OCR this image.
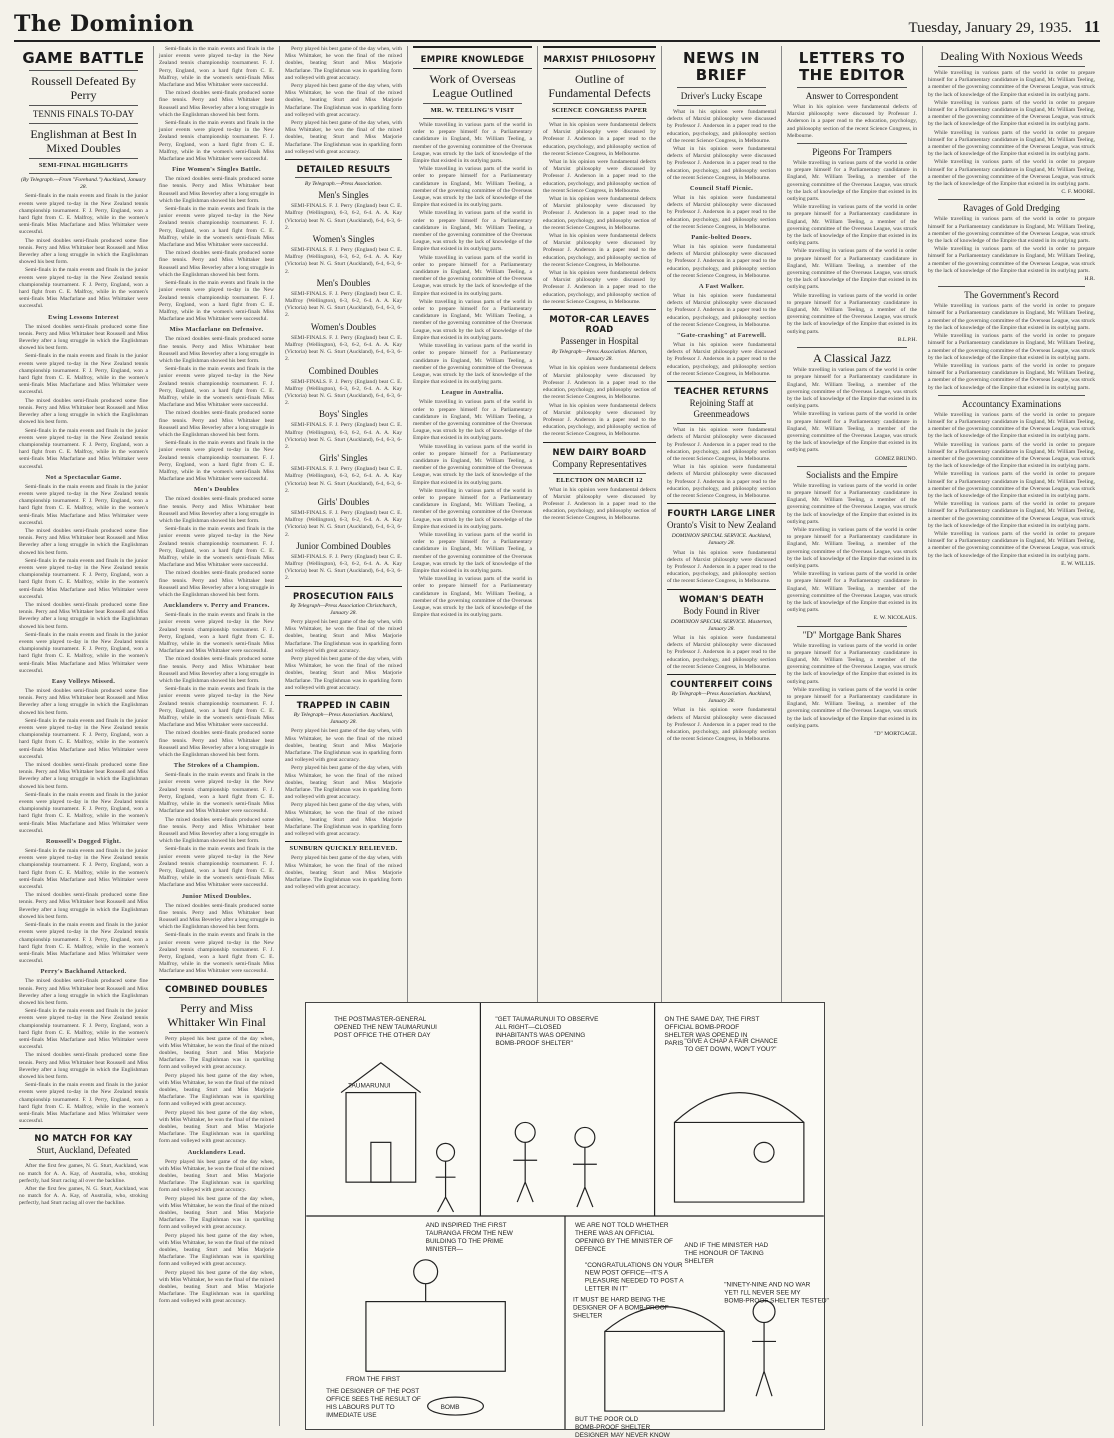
The Dominion	Tuesday, January 29, 1935. 11
GAME BATTLE
Roussell Defeated By Perry
TENNIS FINALS TO-DAY
Englishman at Best In Mixed Doubles
SEMI-FINAL HIGHLIGHTS
(By Telegraph.—From "Forehand.") Auckland, January 28.

Semi-finals in the main events and finals in the junior events were played to-day in the New Zealand tennis championship tournament. F. J. Perry, England, won a hard fight from C. E. Malfroy, while in the women's semi-finals Miss Macfarlane and Miss Whittaker were successful.

The mixed doubles semi-finals produced some fine tennis. Perry and Miss Whittaker beat Roussell and Miss Beverley after a long struggle in which the Englishman showed his best form.

Semi-finals in the main events and finals in the junior events were played to-day in the New Zealand tennis championship tournament. F. J. Perry, England, won a hard fight from C. E. Malfroy, while in the women's semi-finals Miss Macfarlane and Miss Whittaker were successful.

Ewing Lessons Interest

The mixed doubles semi-finals produced some fine tennis. Perry and Miss Whittaker beat Roussell and Miss Beverley after a long struggle in which the Englishman showed his best form.

Semi-finals in the main events and finals in the junior events were played to-day in the New Zealand tennis championship tournament. F. J. Perry, England, won a hard fight from C. E. Malfroy, while in the women's semi-finals Miss Macfarlane and Miss Whittaker were successful.

The mixed doubles semi-finals produced some fine tennis. Perry and Miss Whittaker beat Roussell and Miss Beverley after a long struggle in which the Englishman showed his best form.

Semi-finals in the main events and finals in the junior events were played to-day in the New Zealand tennis championship tournament. F. J. Perry, England, won a hard fight from C. E. Malfroy, while in the women's semi-finals Miss Macfarlane and Miss Whittaker were successful.

Not a Spectacular Game.

Semi-finals in the main events and finals in the junior events were played to-day in the New Zealand tennis championship tournament. F. J. Perry, England, won a hard fight from C. E. Malfroy, while in the women's semi-finals Miss Macfarlane and Miss Whittaker were successful.

The mixed doubles semi-finals produced some fine tennis. Perry and Miss Whittaker beat Roussell and Miss Beverley after a long struggle in which the Englishman showed his best form.

Semi-finals in the main events and finals in the junior events were played to-day in the New Zealand tennis championship tournament. F. J. Perry, England, won a hard fight from C. E. Malfroy, while in the women's semi-finals Miss Macfarlane and Miss Whittaker were successful.

The mixed doubles semi-finals produced some fine tennis. Perry and Miss Whittaker beat Roussell and Miss Beverley after a long struggle in which the Englishman showed his best form.

Semi-finals in the main events and finals in the junior events were played to-day in the New Zealand tennis championship tournament. F. J. Perry, England, won a hard fight from C. E. Malfroy, while in the women's semi-finals Miss Macfarlane and Miss Whittaker were successful.

Easy Volleys Missed.

The mixed doubles semi-finals produced some fine tennis. Perry and Miss Whittaker beat Roussell and Miss Beverley after a long struggle in which the Englishman showed his best form.

Semi-finals in the main events and finals in the junior events were played to-day in the New Zealand tennis championship tournament. F. J. Perry, England, won a hard fight from C. E. Malfroy, while in the women's semi-finals Miss Macfarlane and Miss Whittaker were successful.

The mixed doubles semi-finals produced some fine tennis. Perry and Miss Whittaker beat Roussell and Miss Beverley after a long struggle in which the Englishman showed his best form.

Semi-finals in the main events and finals in the junior events were played to-day in the New Zealand tennis championship tournament. F. J. Perry, England, won a hard fight from C. E. Malfroy, while in the women's semi-finals Miss Macfarlane and Miss Whittaker were successful.

Roussell's Dogged Fight.

Semi-finals in the main events and finals in the junior events were played to-day in the New Zealand tennis championship tournament. F. J. Perry, England, won a hard fight from C. E. Malfroy, while in the women's semi-finals Miss Macfarlane and Miss Whittaker were successful.

The mixed doubles semi-finals produced some fine tennis. Perry and Miss Whittaker beat Roussell and Miss Beverley after a long struggle in which the Englishman showed his best form.

Semi-finals in the main events and finals in the junior events were played to-day in the New Zealand tennis championship tournament. F. J. Perry, England, won a hard fight from C. E. Malfroy, while in the women's semi-finals Miss Macfarlane and Miss Whittaker were successful.

Perry's Backhand Attacked.

The mixed doubles semi-finals produced some fine tennis. Perry and Miss Whittaker beat Roussell and Miss Beverley after a long struggle in which the Englishman showed his best form.

Semi-finals in the main events and finals in the junior events were played to-day in the New Zealand tennis championship tournament. F. J. Perry, England, won a hard fight from C. E. Malfroy, while in the women's semi-finals Miss Macfarlane and Miss Whittaker were successful.

The mixed doubles semi-finals produced some fine tennis. Perry and Miss Whittaker beat Roussell and Miss Beverley after a long struggle in which the Englishman showed his best form.

Semi-finals in the main events and finals in the junior events were played to-day in the New Zealand tennis championship tournament. F. J. Perry, England, won a hard fight from C. E. Malfroy, while in the women's semi-finals Miss Macfarlane and Miss Whittaker were successful.

NO MATCH FOR KAY
Sturt, Auckland, Defeated

After the first few games, N. G. Sturt, Auckland, was no match for A. A. Kay, of Australia, who, stroking perfectly, had Sturt racing all over the backline.

After the first few games, N. G. Sturt, Auckland, was no match for A. A. Kay, of Australia, who, stroking perfectly, had Sturt racing all over the backline.

Semi-finals in the main events and finals in the junior events were played to-day in the New Zealand tennis championship tournament. F. J. Perry, England, won a hard fight from C. E. Malfroy, while in the women's semi-finals Miss Macfarlane and Miss Whittaker were successful.

The mixed doubles semi-finals produced some fine tennis. Perry and Miss Whittaker beat Roussell and Miss Beverley after a long struggle in which the Englishman showed his best form.

Semi-finals in the main events and finals in the junior events were played to-day in the New Zealand tennis championship tournament. F. J. Perry, England, won a hard fight from C. E. Malfroy, while in the women's semi-finals Miss Macfarlane and Miss Whittaker were successful.

Fine Women's Singles Battle.

The mixed doubles semi-finals produced some fine tennis. Perry and Miss Whittaker beat Roussell and Miss Beverley after a long struggle in which the Englishman showed his best form.

Semi-finals in the main events and finals in the junior events were played to-day in the New Zealand tennis championship tournament. F. J. Perry, England, won a hard fight from C. E. Malfroy, while in the women's semi-finals Miss Macfarlane and Miss Whittaker were successful.

The mixed doubles semi-finals produced some fine tennis. Perry and Miss Whittaker beat Roussell and Miss Beverley after a long struggle in which the Englishman showed his best form.

Semi-finals in the main events and finals in the junior events were played to-day in the New Zealand tennis championship tournament. F. J. Perry, England, won a hard fight from C. E. Malfroy, while in the women's semi-finals Miss Macfarlane and Miss Whittaker were successful.

Miss Macfarlane on Defensive.

The mixed doubles semi-finals produced some fine tennis. Perry and Miss Whittaker beat Roussell and Miss Beverley after a long struggle in which the Englishman showed his best form.

Semi-finals in the main events and finals in the junior events were played to-day in the New Zealand tennis championship tournament. F. J. Perry, England, won a hard fight from C. E. Malfroy, while in the women's semi-finals Miss Macfarlane and Miss Whittaker were successful.

The mixed doubles semi-finals produced some fine tennis. Perry and Miss Whittaker beat Roussell and Miss Beverley after a long struggle in which the Englishman showed his best form.

Semi-finals in the main events and finals in the junior events were played to-day in the New Zealand tennis championship tournament. F. J. Perry, England, won a hard fight from C. E. Malfroy, while in the women's semi-finals Miss Macfarlane and Miss Whittaker were successful.

Men's Doubles

The mixed doubles semi-finals produced some fine tennis. Perry and Miss Whittaker beat Roussell and Miss Beverley after a long struggle in which the Englishman showed his best form.

Semi-finals in the main events and finals in the junior events were played to-day in the New Zealand tennis championship tournament. F. J. Perry, England, won a hard fight from C. E. Malfroy, while in the women's semi-finals Miss Macfarlane and Miss Whittaker were successful.

The mixed doubles semi-finals produced some fine tennis. Perry and Miss Whittaker beat Roussell and Miss Beverley after a long struggle in which the Englishman showed his best form.

Aucklanders v. Perry and Frances.

Semi-finals in the main events and finals in the junior events were played to-day in the New Zealand tennis championship tournament. F. J. Perry, England, won a hard fight from C. E. Malfroy, while in the women's semi-finals Miss Macfarlane and Miss Whittaker were successful.

The mixed doubles semi-finals produced some fine tennis. Perry and Miss Whittaker beat Roussell and Miss Beverley after a long struggle in which the Englishman showed his best form.

Semi-finals in the main events and finals in the junior events were played to-day in the New Zealand tennis championship tournament. F. J. Perry, England, won a hard fight from C. E. Malfroy, while in the women's semi-finals Miss Macfarlane and Miss Whittaker were successful.

The mixed doubles semi-finals produced some fine tennis. Perry and Miss Whittaker beat Roussell and Miss Beverley after a long struggle in which the Englishman showed his best form.

The Strokes of a Champion.

Semi-finals in the main events and finals in the junior events were played to-day in the New Zealand tennis championship tournament. F. J. Perry, England, won a hard fight from C. E. Malfroy, while in the women's semi-finals Miss Macfarlane and Miss Whittaker were successful.

The mixed doubles semi-finals produced some fine tennis. Perry and Miss Whittaker beat Roussell and Miss Beverley after a long struggle in which the Englishman showed his best form.

Semi-finals in the main events and finals in the junior events were played to-day in the New Zealand tennis championship tournament. F. J. Perry, England, won a hard fight from C. E. Malfroy, while in the women's semi-finals Miss Macfarlane and Miss Whittaker were successful.

Junior Mixed Doubles.

The mixed doubles semi-finals produced some fine tennis. Perry and Miss Whittaker beat Roussell and Miss Beverley after a long struggle in which the Englishman showed his best form.

Semi-finals in the main events and finals in the junior events were played to-day in the New Zealand tennis championship tournament. F. J. Perry, England, won a hard fight from C. E. Malfroy, while in the women's semi-finals Miss Macfarlane and Miss Whittaker were successful.

COMBINED DOUBLES
Perry and Miss Whittaker Win Final

Perry played his best game of the day when, with Miss Whittaker, he won the final of the mixed doubles, beating Sturt and Miss Marjorie Macfarlane. The Englishman was in sparkling form and volleyed with great accuracy.

Perry played his best game of the day when, with Miss Whittaker, he won the final of the mixed doubles, beating Sturt and Miss Marjorie Macfarlane. The Englishman was in sparkling form and volleyed with great accuracy.

Perry played his best game of the day when, with Miss Whittaker, he won the final of the mixed doubles, beating Sturt and Miss Marjorie Macfarlane. The Englishman was in sparkling form and volleyed with great accuracy.

Aucklanders Lead.

Perry played his best game of the day when, with Miss Whittaker, he won the final of the mixed doubles, beating Sturt and Miss Marjorie Macfarlane. The Englishman was in sparkling form and volleyed with great accuracy.

Perry played his best game of the day when, with Miss Whittaker, he won the final of the mixed doubles, beating Sturt and Miss Marjorie Macfarlane. The Englishman was in sparkling form and volleyed with great accuracy.

Perry played his best game of the day when, with Miss Whittaker, he won the final of the mixed doubles, beating Sturt and Miss Marjorie Macfarlane. The Englishman was in sparkling form and volleyed with great accuracy.

Perry played his best game of the day when, with Miss Whittaker, he won the final of the mixed doubles, beating Sturt and Miss Marjorie Macfarlane. The Englishman was in sparkling form and volleyed with great accuracy.

Perry played his best game of the day when, with Miss Whittaker, he won the final of the mixed doubles, beating Sturt and Miss Marjorie Macfarlane. The Englishman was in sparkling form and volleyed with great accuracy.

Perry played his best game of the day when, with Miss Whittaker, he won the final of the mixed doubles, beating Sturt and Miss Marjorie Macfarlane. The Englishman was in sparkling form and volleyed with great accuracy.

Perry played his best game of the day when, with Miss Whittaker, he won the final of the mixed doubles, beating Sturt and Miss Marjorie Macfarlane. The Englishman was in sparkling form and volleyed with great accuracy.

DETAILED RESULTS
By Telegraph.—Press Association.
Men's Singles

SEMI-FINALS. F. J. Perry (England) beat C. E. Malfroy (Wellington), 6-3, 6-2, 6-4. A. A. Kay (Victoria) beat N. G. Sturt (Auckland), 6-4, 6-3, 6-2.

Women's Singles

SEMI-FINALS. F. J. Perry (England) beat C. E. Malfroy (Wellington), 6-3, 6-2, 6-4. A. A. Kay (Victoria) beat N. G. Sturt (Auckland), 6-4, 6-3, 6-2.

Men's Doubles

SEMI-FINALS. F. J. Perry (England) beat C. E. Malfroy (Wellington), 6-3, 6-2, 6-4. A. A. Kay (Victoria) beat N. G. Sturt (Auckland), 6-4, 6-3, 6-2.

Women's Doubles

SEMI-FINALS. F. J. Perry (England) beat C. E. Malfroy (Wellington), 6-3, 6-2, 6-4. A. A. Kay (Victoria) beat N. G. Sturt (Auckland), 6-4, 6-3, 6-2.

Combined Doubles

SEMI-FINALS. F. J. Perry (England) beat C. E. Malfroy (Wellington), 6-3, 6-2, 6-4. A. A. Kay (Victoria) beat N. G. Sturt (Auckland), 6-4, 6-3, 6-2.

Boys' Singles

SEMI-FINALS. F. J. Perry (England) beat C. E. Malfroy (Wellington), 6-3, 6-2, 6-4. A. A. Kay (Victoria) beat N. G. Sturt (Auckland), 6-4, 6-3, 6-2.

Girls' Singles

SEMI-FINALS. F. J. Perry (England) beat C. E. Malfroy (Wellington), 6-3, 6-2, 6-4. A. A. Kay (Victoria) beat N. G. Sturt (Auckland), 6-4, 6-3, 6-2.

Girls' Doubles

SEMI-FINALS. F. J. Perry (England) beat C. E. Malfroy (Wellington), 6-3, 6-2, 6-4. A. A. Kay (Victoria) beat N. G. Sturt (Auckland), 6-4, 6-3, 6-2.

Junior Combined Doubles

SEMI-FINALS. F. J. Perry (England) beat C. E. Malfroy (Wellington), 6-3, 6-2, 6-4. A. A. Kay (Victoria) beat N. G. Sturt (Auckland), 6-4, 6-3, 6-2.

PROSECUTION FAILS
By Telegraph—Press Association Christchurch, January 28.

Perry played his best game of the day when, with Miss Whittaker, he won the final of the mixed doubles, beating Sturt and Miss Marjorie Macfarlane. The Englishman was in sparkling form and volleyed with great accuracy.

Perry played his best game of the day when, with Miss Whittaker, he won the final of the mixed doubles, beating Sturt and Miss Marjorie Macfarlane. The Englishman was in sparkling form and volleyed with great accuracy.

TRAPPED IN CABIN
By Telegraph—Press Association. Auckland, January 28.

Perry played his best game of the day when, with Miss Whittaker, he won the final of the mixed doubles, beating Sturt and Miss Marjorie Macfarlane. The Englishman was in sparkling form and volleyed with great accuracy.

Perry played his best game of the day when, with Miss Whittaker, he won the final of the mixed doubles, beating Sturt and Miss Marjorie Macfarlane. The Englishman was in sparkling form and volleyed with great accuracy.

Perry played his best game of the day when, with Miss Whittaker, he won the final of the mixed doubles, beating Sturt and Miss Marjorie Macfarlane. The Englishman was in sparkling form and volleyed with great accuracy.

SUNBURN QUICKLY RELIEVED.

Perry played his best game of the day when, with Miss Whittaker, he won the final of the mixed doubles, beating Sturt and Miss Marjorie Macfarlane. The Englishman was in sparkling form and volleyed with great accuracy.

EMPIRE KNOWLEDGE
Work of Overseas League Outlined
MR. W. TEELING'S VISIT

While travelling in various parts of the world in order to prepare himself for a Parliamentary candidature in England, Mr. William Teeling, a member of the governing committee of the Overseas League, was struck by the lack of knowledge of the Empire that existed in its outlying parts.

While travelling in various parts of the world in order to prepare himself for a Parliamentary candidature in England, Mr. William Teeling, a member of the governing committee of the Overseas League, was struck by the lack of knowledge of the Empire that existed in its outlying parts.

While travelling in various parts of the world in order to prepare himself for a Parliamentary candidature in England, Mr. William Teeling, a member of the governing committee of the Overseas League, was struck by the lack of knowledge of the Empire that existed in its outlying parts.

While travelling in various parts of the world in order to prepare himself for a Parliamentary candidature in England, Mr. William Teeling, a member of the governing committee of the Overseas League, was struck by the lack of knowledge of the Empire that existed in its outlying parts.

While travelling in various parts of the world in order to prepare himself for a Parliamentary candidature in England, Mr. William Teeling, a member of the governing committee of the Overseas League, was struck by the lack of knowledge of the Empire that existed in its outlying parts.

While travelling in various parts of the world in order to prepare himself for a Parliamentary candidature in England, Mr. William Teeling, a member of the governing committee of the Overseas League, was struck by the lack of knowledge of the Empire that existed in its outlying parts.

League in Australia.

While travelling in various parts of the world in order to prepare himself for a Parliamentary candidature in England, Mr. William Teeling, a member of the governing committee of the Overseas League, was struck by the lack of knowledge of the Empire that existed in its outlying parts.

While travelling in various parts of the world in order to prepare himself for a Parliamentary candidature in England, Mr. William Teeling, a member of the governing committee of the Overseas League, was struck by the lack of knowledge of the Empire that existed in its outlying parts.

While travelling in various parts of the world in order to prepare himself for a Parliamentary candidature in England, Mr. William Teeling, a member of the governing committee of the Overseas League, was struck by the lack of knowledge of the Empire that existed in its outlying parts.

While travelling in various parts of the world in order to prepare himself for a Parliamentary candidature in England, Mr. William Teeling, a member of the governing committee of the Overseas League, was struck by the lack of knowledge of the Empire that existed in its outlying parts.

While travelling in various parts of the world in order to prepare himself for a Parliamentary candidature in England, Mr. William Teeling, a member of the governing committee of the Overseas League, was struck by the lack of knowledge of the Empire that existed in its outlying parts.

MARXIST PHILOSOPHY
Outline of Fundamental Defects
SCIENCE CONGRESS PAPER

What in his opinion were fundamental defects of Marxist philosophy were discussed by Professor J. Anderson in a paper read to the education, psychology, and philosophy section of the recent Science Congress, in Melbourne.

What in his opinion were fundamental defects of Marxist philosophy were discussed by Professor J. Anderson in a paper read to the education, psychology, and philosophy section of the recent Science Congress, in Melbourne.

What in his opinion were fundamental defects of Marxist philosophy were discussed by Professor J. Anderson in a paper read to the education, psychology, and philosophy section of the recent Science Congress, in Melbourne.

What in his opinion were fundamental defects of Marxist philosophy were discussed by Professor J. Anderson in a paper read to the education, psychology, and philosophy section of the recent Science Congress, in Melbourne.

What in his opinion were fundamental defects of Marxist philosophy were discussed by Professor J. Anderson in a paper read to the education, psychology, and philosophy section of the recent Science Congress, in Melbourne.

MOTOR-CAR LEAVES ROAD
Passenger in Hospital
By Telegraph—Press Association. Marton, January 28.

What in his opinion were fundamental defects of Marxist philosophy were discussed by Professor J. Anderson in a paper read to the education, psychology, and philosophy section of the recent Science Congress, in Melbourne.

What in his opinion were fundamental defects of Marxist philosophy were discussed by Professor J. Anderson in a paper read to the education, psychology, and philosophy section of the recent Science Congress, in Melbourne.

NEW DAIRY BOARD
Company Representatives
ELECTION ON MARCH 12

What in his opinion were fundamental defects of Marxist philosophy were discussed by Professor J. Anderson in a paper read to the education, psychology, and philosophy section of the recent Science Congress, in Melbourne.

NEWS IN BRIEF
Driver's Lucky Escape

What in his opinion were fundamental defects of Marxist philosophy were discussed by Professor J. Anderson in a paper read to the education, psychology, and philosophy section of the recent Science Congress, in Melbourne.

What in his opinion were fundamental defects of Marxist philosophy were discussed by Professor J. Anderson in a paper read to the education, psychology, and philosophy section of the recent Science Congress, in Melbourne.

Council Staff Picnic.

What in his opinion were fundamental defects of Marxist philosophy were discussed by Professor J. Anderson in a paper read to the education, psychology, and philosophy section of the recent Science Congress, in Melbourne.

Panic-bolted Doors.

What in his opinion were fundamental defects of Marxist philosophy were discussed by Professor J. Anderson in a paper read to the education, psychology, and philosophy section of the recent Science Congress, in Melbourne.

A Fast Walker.

What in his opinion were fundamental defects of Marxist philosophy were discussed by Professor J. Anderson in a paper read to the education, psychology, and philosophy section of the recent Science Congress, in Melbourne.

"Gate-crashing" at Farewell.

What in his opinion were fundamental defects of Marxist philosophy were discussed by Professor J. Anderson in a paper read to the education, psychology, and philosophy section of the recent Science Congress, in Melbourne.

TEACHER RETURNS
Rejoining Staff at Greenmeadows

What in his opinion were fundamental defects of Marxist philosophy were discussed by Professor J. Anderson in a paper read to the education, psychology, and philosophy section of the recent Science Congress, in Melbourne.

What in his opinion were fundamental defects of Marxist philosophy were discussed by Professor J. Anderson in a paper read to the education, psychology, and philosophy section of the recent Science Congress, in Melbourne.

FOURTH LARGE LINER
Oranto's Visit to New Zealand
DOMINION SPECIAL SERVICE. Auckland, January 28.

What in his opinion were fundamental defects of Marxist philosophy were discussed by Professor J. Anderson in a paper read to the education, psychology, and philosophy section of the recent Science Congress, in Melbourne.

WOMAN'S DEATH
Body Found in River
DOMINION SPECIAL SERVICE. Masterton, January 28.

What in his opinion were fundamental defects of Marxist philosophy were discussed by Professor J. Anderson in a paper read to the education, psychology, and philosophy section of the recent Science Congress, in Melbourne.

COUNTERFEIT COINS
By Telegraph—Press Association. Auckland, January 28.

What in his opinion were fundamental defects of Marxist philosophy were discussed by Professor J. Anderson in a paper read to the education, psychology, and philosophy section of the recent Science Congress, in Melbourne.

LETTERS TO THE EDITOR
Answer to Correspondent

What in his opinion were fundamental defects of Marxist philosophy were discussed by Professor J. Anderson in a paper read to the education, psychology, and philosophy section of the recent Science Congress, in Melbourne.

Pigeons For Trampers

While travelling in various parts of the world in order to prepare himself for a Parliamentary candidature in England, Mr. William Teeling, a member of the governing committee of the Overseas League, was struck by the lack of knowledge of the Empire that existed in its outlying parts.

While travelling in various parts of the world in order to prepare himself for a Parliamentary candidature in England, Mr. William Teeling, a member of the governing committee of the Overseas League, was struck by the lack of knowledge of the Empire that existed in its outlying parts.

While travelling in various parts of the world in order to prepare himself for a Parliamentary candidature in England, Mr. William Teeling, a member of the governing committee of the Overseas League, was struck by the lack of knowledge of the Empire that existed in its outlying parts.

While travelling in various parts of the world in order to prepare himself for a Parliamentary candidature in England, Mr. William Teeling, a member of the governing committee of the Overseas League, was struck by the lack of knowledge of the Empire that existed in its outlying parts.

B.L.P.H.
A Classical Jazz

While travelling in various parts of the world in order to prepare himself for a Parliamentary candidature in England, Mr. William Teeling, a member of the governing committee of the Overseas League, was struck by the lack of knowledge of the Empire that existed in its outlying parts.

While travelling in various parts of the world in order to prepare himself for a Parliamentary candidature in England, Mr. William Teeling, a member of the governing committee of the Overseas League, was struck by the lack of knowledge of the Empire that existed in its outlying parts.

GOMEZ BRUNO.
Socialists and the Empire

While travelling in various parts of the world in order to prepare himself for a Parliamentary candidature in England, Mr. William Teeling, a member of the governing committee of the Overseas League, was struck by the lack of knowledge of the Empire that existed in its outlying parts.

While travelling in various parts of the world in order to prepare himself for a Parliamentary candidature in England, Mr. William Teeling, a member of the governing committee of the Overseas League, was struck by the lack of knowledge of the Empire that existed in its outlying parts.

While travelling in various parts of the world in order to prepare himself for a Parliamentary candidature in England, Mr. William Teeling, a member of the governing committee of the Overseas League, was struck by the lack of knowledge of the Empire that existed in its outlying parts.

E. W. NICOLAUS.
"D" Mortgage Bank Shares

While travelling in various parts of the world in order to prepare himself for a Parliamentary candidature in England, Mr. William Teeling, a member of the governing committee of the Overseas League, was struck by the lack of knowledge of the Empire that existed in its outlying parts.

While travelling in various parts of the world in order to prepare himself for a Parliamentary candidature in England, Mr. William Teeling, a member of the governing committee of the Overseas League, was struck by the lack of knowledge of the Empire that existed in its outlying parts.

"D" MORTGAGE.
Dealing With Noxious Weeds

While travelling in various parts of the world in order to prepare himself for a Parliamentary candidature in England, Mr. William Teeling, a member of the governing committee of the Overseas League, was struck by the lack of knowledge of the Empire that existed in its outlying parts.

While travelling in various parts of the world in order to prepare himself for a Parliamentary candidature in England, Mr. William Teeling, a member of the governing committee of the Overseas League, was struck by the lack of knowledge of the Empire that existed in its outlying parts.

While travelling in various parts of the world in order to prepare himself for a Parliamentary candidature in England, Mr. William Teeling, a member of the governing committee of the Overseas League, was struck by the lack of knowledge of the Empire that existed in its outlying parts.

While travelling in various parts of the world in order to prepare himself for a Parliamentary candidature in England, Mr. William Teeling, a member of the governing committee of the Overseas League, was struck by the lack of knowledge of the Empire that existed in its outlying parts.

C. F. MOORE.
Ravages of Gold Dredging

While travelling in various parts of the world in order to prepare himself for a Parliamentary candidature in England, Mr. William Teeling, a member of the governing committee of the Overseas League, was struck by the lack of knowledge of the Empire that existed in its outlying parts.

While travelling in various parts of the world in order to prepare himself for a Parliamentary candidature in England, Mr. William Teeling, a member of the governing committee of the Overseas League, was struck by the lack of knowledge of the Empire that existed in its outlying parts.

H.R.
The Government's Record

While travelling in various parts of the world in order to prepare himself for a Parliamentary candidature in England, Mr. William Teeling, a member of the governing committee of the Overseas League, was struck by the lack of knowledge of the Empire that existed in its outlying parts.

While travelling in various parts of the world in order to prepare himself for a Parliamentary candidature in England, Mr. William Teeling, a member of the governing committee of the Overseas League, was struck by the lack of knowledge of the Empire that existed in its outlying parts.

While travelling in various parts of the world in order to prepare himself for a Parliamentary candidature in England, Mr. William Teeling, a member of the governing committee of the Overseas League, was struck by the lack of knowledge of the Empire that existed in its outlying parts.

Accountancy Examinations

While travelling in various parts of the world in order to prepare himself for a Parliamentary candidature in England, Mr. William Teeling, a member of the governing committee of the Overseas League, was struck by the lack of knowledge of the Empire that existed in its outlying parts.

While travelling in various parts of the world in order to prepare himself for a Parliamentary candidature in England, Mr. William Teeling, a member of the governing committee of the Overseas League, was struck by the lack of knowledge of the Empire that existed in its outlying parts.

While travelling in various parts of the world in order to prepare himself for a Parliamentary candidature in England, Mr. William Teeling, a member of the governing committee of the Overseas League, was struck by the lack of knowledge of the Empire that existed in its outlying parts.

While travelling in various parts of the world in order to prepare himself for a Parliamentary candidature in England, Mr. William Teeling, a member of the governing committee of the Overseas League, was struck by the lack of knowledge of the Empire that existed in its outlying parts.

While travelling in various parts of the world in order to prepare himself for a Parliamentary candidature in England, Mr. William Teeling, a member of the governing committee of the Overseas League, was struck by the lack of knowledge of the Empire that existed in its outlying parts.

E. W. WILLIS.
THE POSTMASTER-GENERAL OPENED THE NEW TAUMARUNUI POST OFFICE THE OTHER DAY
"GET TAUMARUNUI TO OBSERVE ALL RIGHT—CLOSED INHABITANTS WAS OPENING BOMB-PROOF SHELTER"
ON THE SAME DAY, THE FIRST OFFICIAL BOMB-PROOF SHELTER WAS OPENED IN PARIS "GIVE A CHAP A FAIR CHANCE TO GET DOWN, WON'T YOU?"
AND INSPIRED THE FIRST TAURANGA FROM THE NEW BUILDING TO THE PRIME MINISTER—
WE ARE NOT TOLD WHETHER THERE WAS AN OFFICIAL OPENING BY THE MINISTER OF DEFENCE
AND IF THE MINISTER HAD THE HONOUR OF TAKING SHELTER
"CONGRATULATIONS ON YOUR NEW POST OFFICE—IT'S A PLEASURE NEEDED TO POST A LETTER IN IT"
IT MUST BE HARD BEING THE DESIGNER OF A BOMB-PROOF SHELTER
"NINETY-NINE AND NO WAR YET! I'LL NEVER SEE MY BOMB-PROOF SHELTER TESTED"
THE DESIGNER OF THE POST OFFICE SEES THE RESULT OF HIS LABOURS PUT TO IMMEDIATE USE
BUT THE POOR OLD BOMB-PROOF SHELTER DESIGNER MAY NEVER KNOW
TAUMARUNUI
FROM THE FIRST
BOMB
